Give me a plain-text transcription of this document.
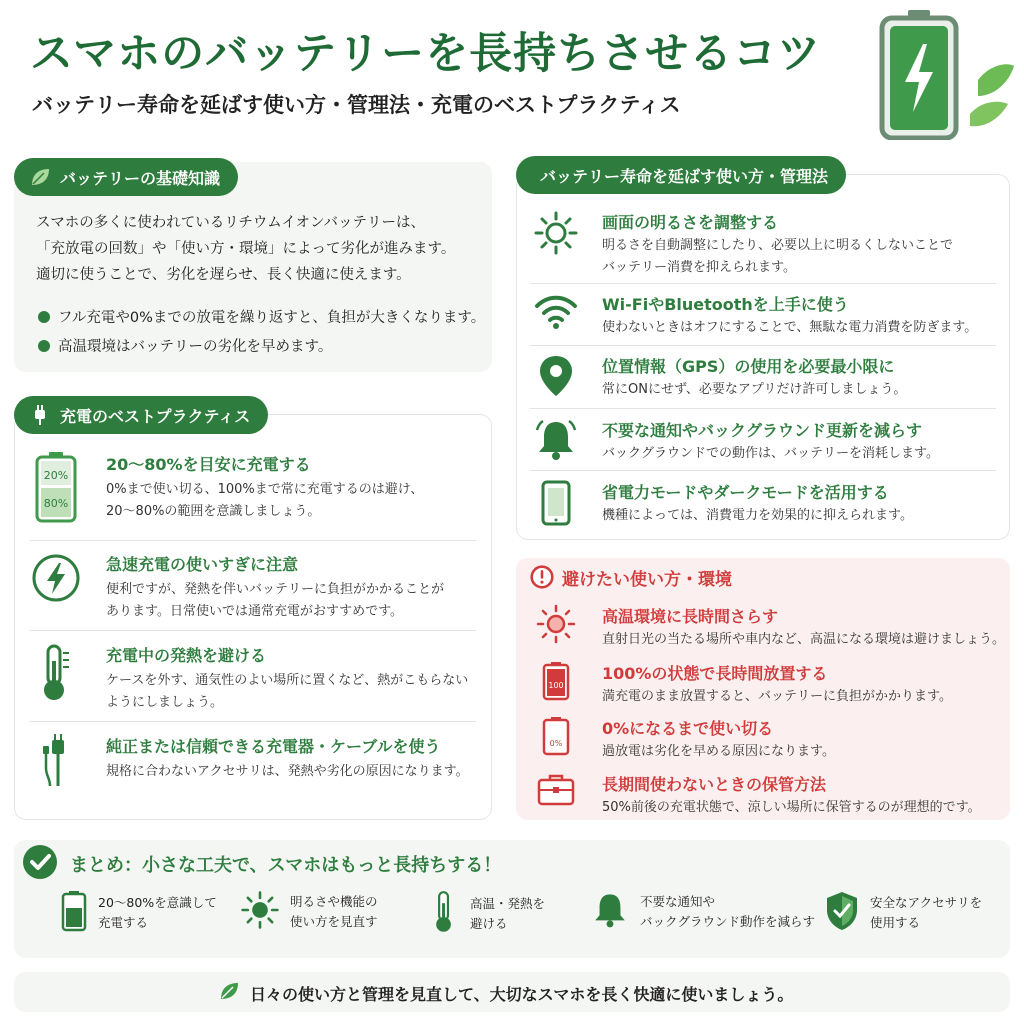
スマホのバッテリーを長持ちさせるコツ
バッテリー寿命を延ばす使い方・管理法・充電のベストプラクティス
バッテリーの基礎知識
スマホの多くに使われているリチウムイオンバッテリーは、
「充放電の回数」や「使い方・環境」によって劣化が進みます。
適切に使うことで、劣化を遅らせ、長く快適に使えます。
フル充電や0%までの放電を繰り返すと、負担が大きくなります。
高温環境はバッテリーの劣化を早めます。
充電のベストプラクティス
20%
80%
20〜80%を目安に充電する
0%まで使い切る、100%まで常に充電するのは避け、
20〜80%の範囲を意識しましょう。
急速充電の使いすぎに注意
便利ですが、発熱を伴いバッテリーに負担がかかることが
あります。日常使いでは通常充電がおすすめです。
充電中の発熱を避ける
ケースを外す、通気性のよい場所に置くなど、熱がこもらない
ようにしましょう。
純正または信頼できる充電器・ケーブルを使う
規格に合わないアクセサリは、発熱や劣化の原因になります。
バッテリー寿命を延ばす使い方・管理法
画面の明るさを調整する
明るさを自動調整にしたり、必要以上に明るくしないことで
バッテリー消費を抑えられます。
Wi-FiやBluetoothを上手に使う
使わないときはオフにすることで、無駄な電力消費を防ぎます。
位置情報（GPS）の使用を必要最小限に
常にONにせず、必要なアプリだけ許可しましょう。
不要な通知やバックグラウンド更新を減らす
バックグラウンドでの動作は、バッテリーを消耗します。
省電力モードやダークモードを活用する
機種によっては、消費電力を効果的に抑えられます。
避けたい使い方・環境
高温環境に長時間さらす
直射日光の当たる場所や車内など、高温になる環境は避けましょう。
100
100%の状態で長時間放置する
満充電のまま放置すると、バッテリーに負担がかかります。
0%
0%になるまで使い切る
過放電は劣化を早める原因になります。
長期間使わないときの保管方法
50%前後の充電状態で、涼しい場所に保管するのが理想的です。
まとめ：小さな工夫で、スマホはもっと長持ちする！
20〜80%を意識して
充電する
明るさや機能の
使い方を見直す
高温・発熱を
避ける
不要な通知や
バックグラウンド動作を減らす
安全なアクセサリを
使用する
日々の使い方と管理を見直して、大切なスマホを長く快適に使いましょう。
